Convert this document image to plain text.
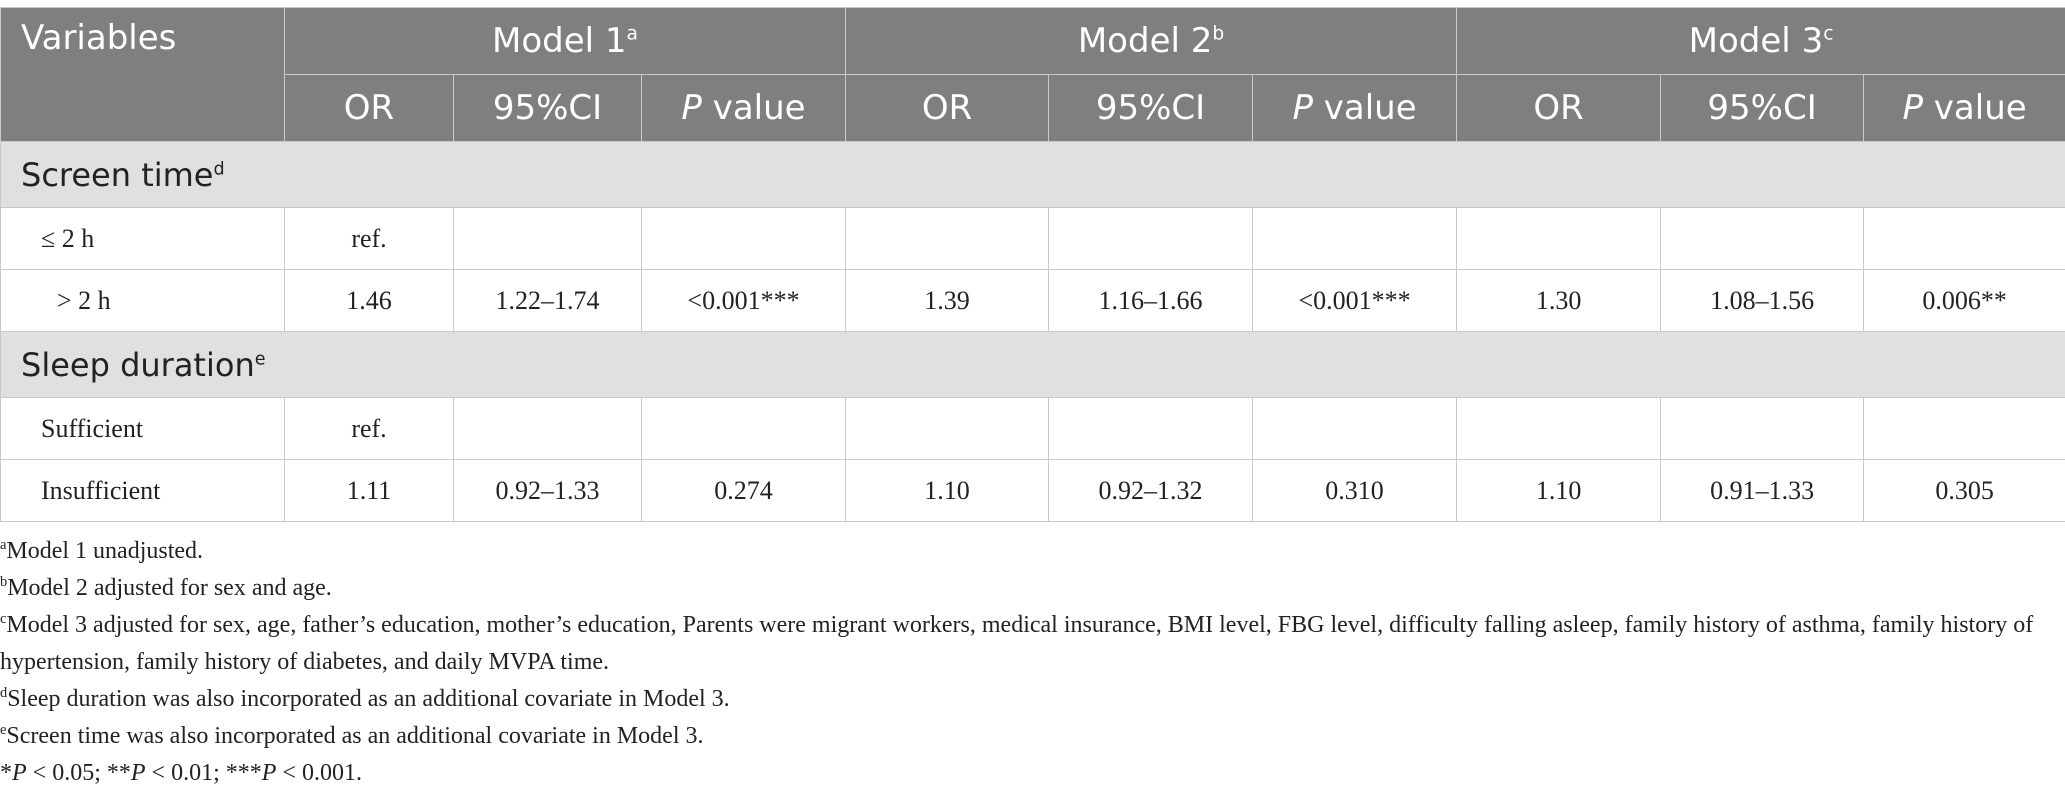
Variables	Model 1$^a$			Model 2$^b$			Model 3$^c$
	OR	95%CI	P value	OR	95%CI	P value	OR	95%CI	P value
Screen time$^d$
≤ 2 h	ref.								
> 2 h	1.46	1.22–1.74	<0.001***	1.39	1.16–1.66	<0.001***	1.30	1.08–1.56	0.006**
Sleep duration$^e$
Sufficient	ref.								
Insufficient	1.11	0.92–1.33	0.274	1.10	0.92–1.32	0.310	1.10	0.91–1.33	0.305

$^a$Model 1 unadjusted.

$^b$Model 2 adjusted for sex and age.

$^c$Model 3 adjusted for sex, age, father’s education, mother’s education, Parents were migrant workers, medical insurance, BMI level, FBG level, difficulty falling asleep, family history of asthma, family history of hypertension, family history of diabetes, and daily MVPA time.

$^d$Sleep duration was also incorporated as an additional covariate in Model 3.

$^e$Screen time was also incorporated as an additional covariate in Model 3.

*P < 0.05; **P < 0.01; ***P < 0.001.
